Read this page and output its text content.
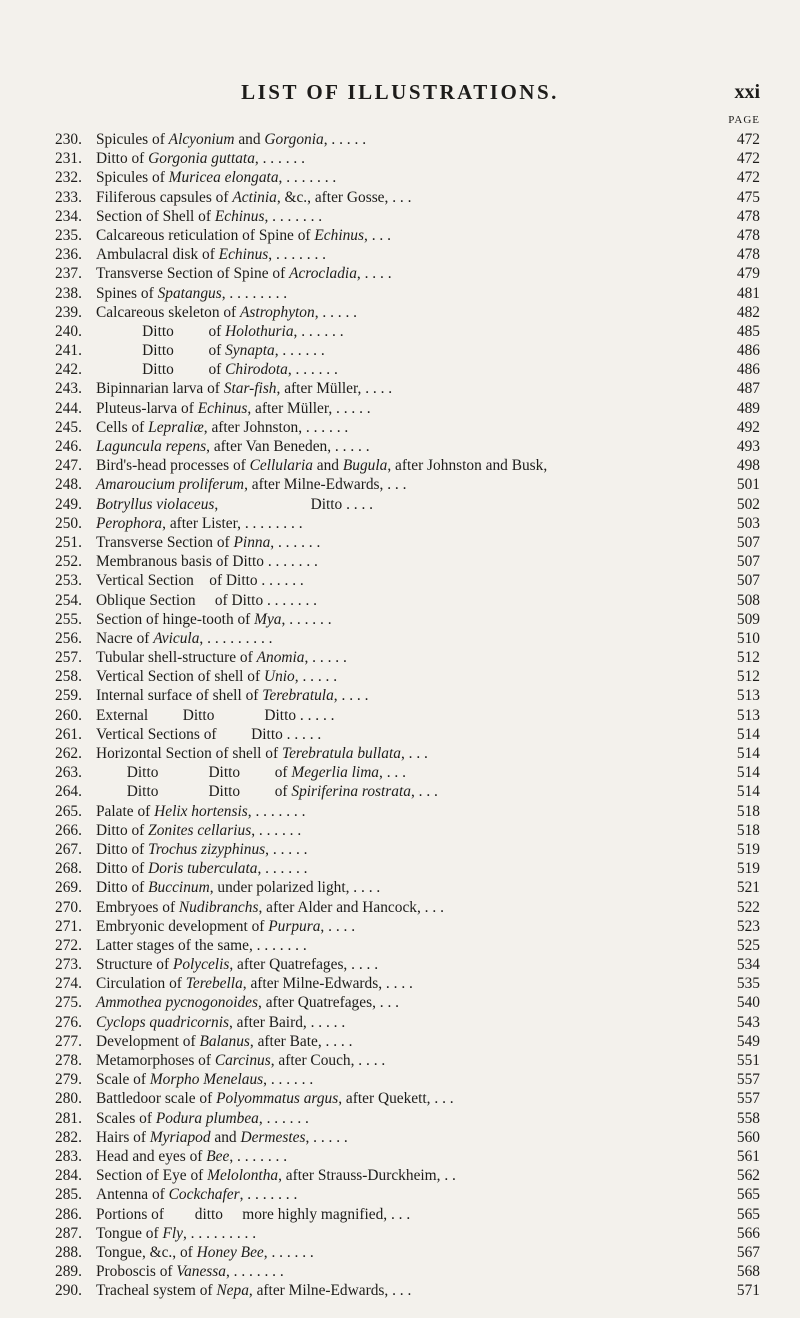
LIST OF ILLUSTRATIONS.	xxi
PAGE
230. Spicules of Alcyonium and Gorgonia, . . . . .	472
231. Ditto of Gorgonia guttata, . . . . . .	472
232. Spicules of Muricea elongata, . . . . . . .	472
233. Filiferous capsules of Actinia, &c., after Gosse, . . .	475
234. Section of Shell of Echinus, . . . . . . .	478
235. Calcareous reticulation of Spine of Echinus, . . .	478
236. Ambulacral disk of Echinus, . . . . . . .	478
237. Transverse Section of Spine of Acrocladia, . . . .	479
238. Spines of Spatangus, . . . . . . . .	481
239. Calcareous skeleton of Astrophyton, . . . . .	482
240.    Ditto   of Holothuria, . . . . . .	485
241.    Ditto   of Synapta, . . . . . .	486
242.    Ditto   of Chirodota, . . . . . .	486
243. Bipinnarian larva of Star-fish, after Müller, . . . .	487
244. Pluteus-larva of Echinus, after Müller, . . . . .	489
245. Cells of Lepraliæ, after Johnston, . . . . . .	492
246. Laguncula repens, after Van Beneden, . . . . .	493
247. Bird's-head processes of Cellularia and Bugula, after Johnston and Busk,	498
248. Amaroucium proliferum, after Milne-Edwards, . . .	501
249. Botryllus violaceus,      Ditto . . . .	502
250. Perophora, after Lister, . . . . . . . .	503
251. Transverse Section of Pinna, . . . . . .	507
252. Membranous basis of Ditto . . . . . . .	507
253. Vertical Section of Ditto . . . . . .	507
254. Oblique Section  of Ditto . . . . . . .	508
255. Section of hinge-tooth of Mya, . . . . . .	509
256. Nacre of Avicula, . . . . . . . . .	510
257. Tubular shell-structure of Anomia, . . . . .	512
258. Vertical Section of shell of Unio, . . . . .	512
259. Internal surface of shell of Terebratula, . . . .	513
260. External   Ditto    Ditto . . . . .	513
261. Vertical Sections of   Ditto . . . . .	514
262. Horizontal Section of shell of Terebratula bullata, . . .	514
263.   Ditto    Ditto   of Megerlia lima, . . .	514
264.   Ditto    Ditto   of Spiriferina rostrata, . . .	514
265. Palate of Helix hortensis, . . . . . . .	518
266. Ditto of Zonites cellarius, . . . . . .	518
267. Ditto of Trochus zizyphinus, . . . . .	519
268. Ditto of Doris tuberculata, . . . . . .	519
269. Ditto of Buccinum, under polarized light, . . . .	521
270. Embryoes of Nudibranchs, after Alder and Hancock, . . .	522
271. Embryonic development of Purpura, . . . .	523
272. Latter stages of the same, . . . . . . .	525
273. Structure of Polycelis, after Quatrefages, . . . .	534
274. Circulation of Terebella, after Milne-Edwards, . . . .	535
275. Ammothea pycnogonoides, after Quatrefages, . . .	540
276. Cyclops quadricornis, after Baird, . . . . .	543
277. Development of Balanus, after Bate, . . . .	549
278. Metamorphoses of Carcinus, after Couch, . . . .	551
279. Scale of Morpho Menelaus, . . . . . .	557
280. Battledoor scale of Polyommatus argus, after Quekett, . . .	557
281. Scales of Podura plumbea, . . . . . .	558
282. Hairs of Myriapod and Dermestes, . . . . .	560
283. Head and eyes of Bee, . . . . . . .	561
284. Section of Eye of Melolontha, after Strauss-Durckheim, . .	562
285. Antenna of Cockchafer, . . . . . . .	565
286. Portions of  ditto  more highly magnified, . . .	565
287. Tongue of Fly, . . . . . . . . .	566
288. Tongue, &c., of Honey Bee, . . . . . .	567
289. Proboscis of Vanessa, . . . . . . .	568
290. Tracheal system of Nepa, after Milne-Edwards, . . .	571
